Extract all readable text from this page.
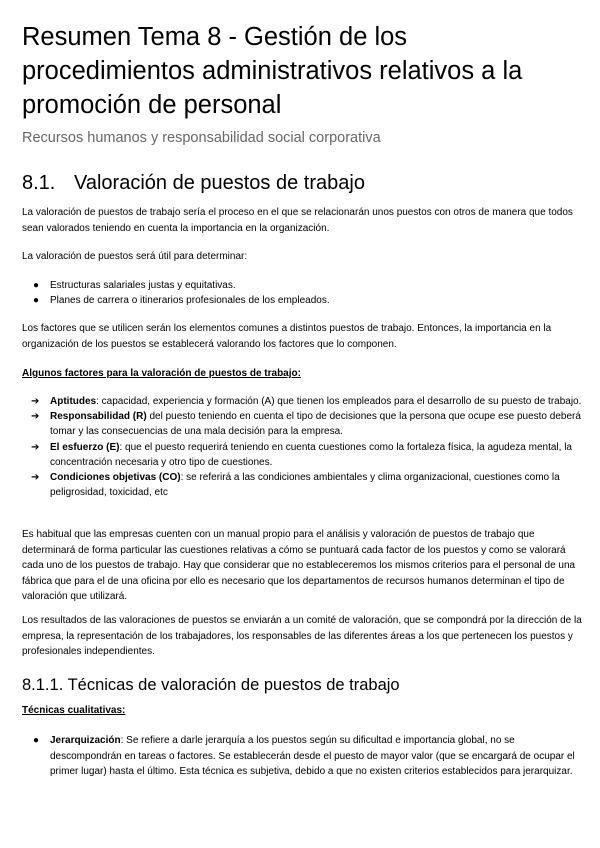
Resumen Tema 8 - Gestión de los procedimientos administrativos relativos a la promoción de personal
Recursos humanos y responsabilidad social corporativa
8.1. Valoración de puestos de trabajo

La valoración de puestos de trabajo sería el proceso en el que se relacionarán unos puestos con otros de manera que todos sean valorados teniendo en cuenta la importancia en la organización.

La valoración de puestos será útil para determinar:

● Estructuras salariales justas y equitativas.
● Planes de carrera o itinerarios profesionales de los empleados.

Los factores que se utilicen serán los elementos comunes a distintos puestos de trabajo. Entonces, la importancia en la organización de los puestos se establecerá valorando los factores que lo componen.

Algunos factores para la valoración de puestos de trabajo:

➔ Aptitudes: capacidad, experiencia y formación (A) que tienen los empleados para el desarrollo de su puesto de trabajo.
➔ Responsabilidad (R) del puesto teniendo en cuenta el tipo de decisiones que la persona que ocupe ese puesto deberá tomar y las consecuencias de una mala decisión para la empresa.
➔ El esfuerzo (E): que el puesto requerirá teniendo en cuenta cuestiones como la fortaleza física, la agudeza mental, la concentración necesaria y otro tipo de cuestiones.
➔ Condiciones objetivas (CO): se referirá a las condiciones ambientales y clima organizacional, cuestiones como la peligrosidad, toxicidad, etc

Es habitual que las empresas cuenten con un manual propio para el análisis y valoración de puestos de trabajo que determinará de forma particular las cuestiones relativas a cómo se puntuará cada factor de los puestos y como se valorará cada uno de los puestos de trabajo. Hay que considerar que no estableceremos los mismos criterios para el personal de una fábrica que para el de una oficina por ello es necesario que los departamentos de recursos humanos determinan el tipo de valoración que utilizará.

Los resultados de las valoraciones de puestos se enviarán a un comité de valoración, que se compondrá por la dirección de la empresa, la representación de los trabajadores, los responsables de las diferentes áreas a los que pertenecen los puestos y profesionales independientes.

8.1.1. Técnicas de valoración de puestos de trabajo

Técnicas cualitativas:

● Jerarquización: Se refiere a darle jerarquía a los puestos según su dificultad e importancia global, no se descompondrán en tareas o factores. Se establecerán desde el puesto de mayor valor (que se encargará de ocupar el primer lugar) hasta el último. Esta técnica es subjetiva, debido a que no existen criterios establecidos para jerarquizar.
